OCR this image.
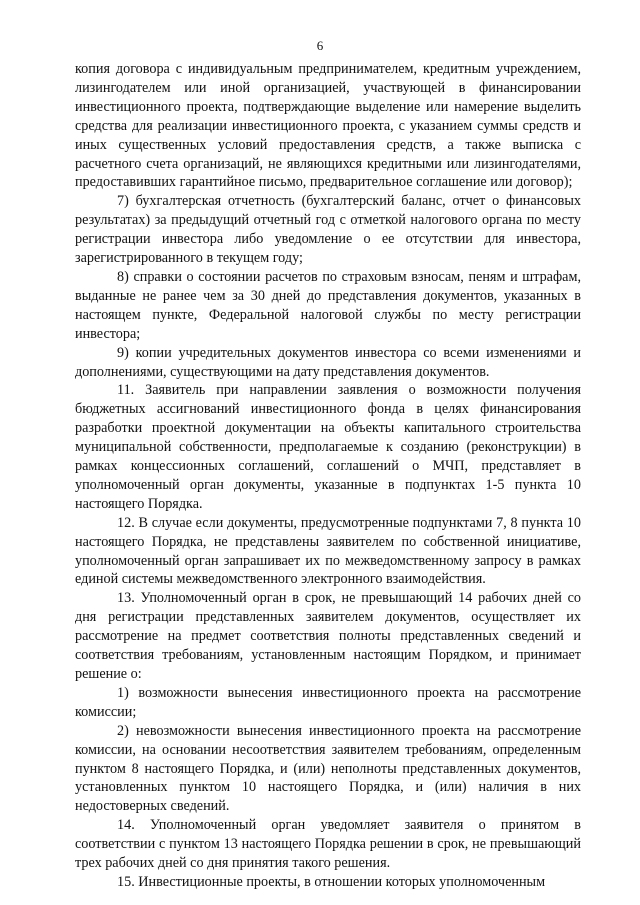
6

копия договора с индивидуальным предпринимателем, кредитным учреждением, лизингодателем или иной организацией, участвующей в финансировании инвестиционного проекта, подтверждающие выделение или намерение выделить средства для реализации инвестиционного проекта, с указанием суммы средств и иных существенных условий предоставления средств, а также выписка с расчетного счета организаций, не являющихся кредитными или лизингодателями, предоставивших гарантийное письмо, предварительное соглашение или договор);

7) бухгалтерская отчетность (бухгалтерский баланс, отчет о финансовых результатах) за предыдущий отчетный год с отметкой налогового органа по месту регистрации инвестора либо уведомление о ее отсутствии для инвестора, зарегистрированного в текущем году;

8) справки о состоянии расчетов по страховым взносам, пеням и штрафам, выданные не ранее чем за 30 дней до представления документов, указанных в настоящем пункте, Федеральной налоговой службы по месту регистрации инвестора;

9) копии учредительных документов инвестора со всеми изменениями и дополнениями, существующими на дату представления документов.

11. Заявитель при направлении заявления о возможности получения бюджетных ассигнований инвестиционного фонда в целях финансирования разработки проектной документации на объекты капитального строительства муниципальной собственности, предполагаемые к созданию (реконструкции) в рамках концессионных соглашений, соглашений о МЧП, представляет в уполномоченный орган документы, указанные в подпунктах 1-5 пункта 10 настоящего Порядка.

12. В случае если документы, предусмотренные подпунктами 7, 8 пункта 10 настоящего Порядка, не представлены заявителем по собственной инициативе, уполномоченный орган запрашивает их по межведомственному запросу в рамках единой системы межведомственного электронного взаимодействия.

13. Уполномоченный орган в срок, не превышающий 14 рабочих дней со дня регистрации представленных заявителем документов, осуществляет их рассмотрение на предмет соответствия полноты представленных сведений и соответствия требованиям, установленным настоящим Порядком, и принимает решение о:

1) возможности вынесения инвестиционного проекта на рассмотрение комиссии;

2) невозможности вынесения инвестиционного проекта на рассмотрение комиссии, на основании несоответствия заявителем требованиям, определенным пунктом 8 настоящего Порядка, и (или) неполноты представленных документов, установленных пунктом 10 настоящего Порядка, и (или) наличия в них недостоверных сведений.

14. Уполномоченный орган уведомляет заявителя о принятом в соответствии с пунктом 13 настоящего Порядка решении в срок, не превышающий трех рабочих дней со дня принятия такого решения.

15. Инвестиционные проекты, в отношении которых уполномоченным
